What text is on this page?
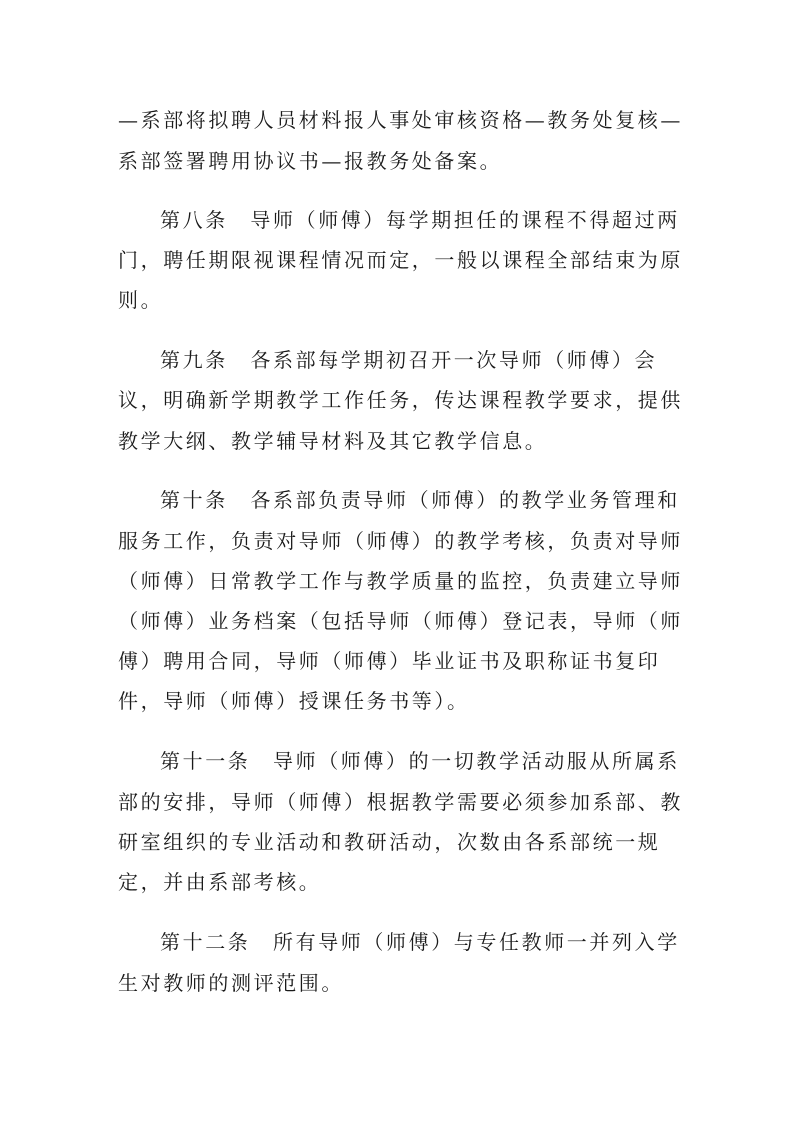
—系部将拟聘人员材料报人事处审核资格—教务处复核—
系部签署聘用协议书—报教务处备案。
第八条　导师（师傅）每学期担任的课程不得超过两
门，聘任期限视课程情况而定，一般以课程全部结束为原
则。
第九条　各系部每学期初召开一次导师（师傅）会
议，明确新学期教学工作任务，传达课程教学要求，提供
教学大纲、教学辅导材料及其它教学信息。
第十条　各系部负责导师（师傅）的教学业务管理和
服务工作，负责对导师（师傅）的教学考核，负责对导师
（师傅）日常教学工作与教学质量的监控，负责建立导师
（师傅）业务档案（包括导师（师傅）登记表，导师（师
傅）聘用合同，导师（师傅）毕业证书及职称证书复印
件，导师（师傅）授课任务书等）。
第十一条　导师（师傅）的一切教学活动服从所属系
部的安排，导师（师傅）根据教学需要必须参加系部、教
研室组织的专业活动和教研活动，次数由各系部统一规
定，并由系部考核。
第十二条　所有导师（师傅）与专任教师一并列入学
生对教师的测评范围。
